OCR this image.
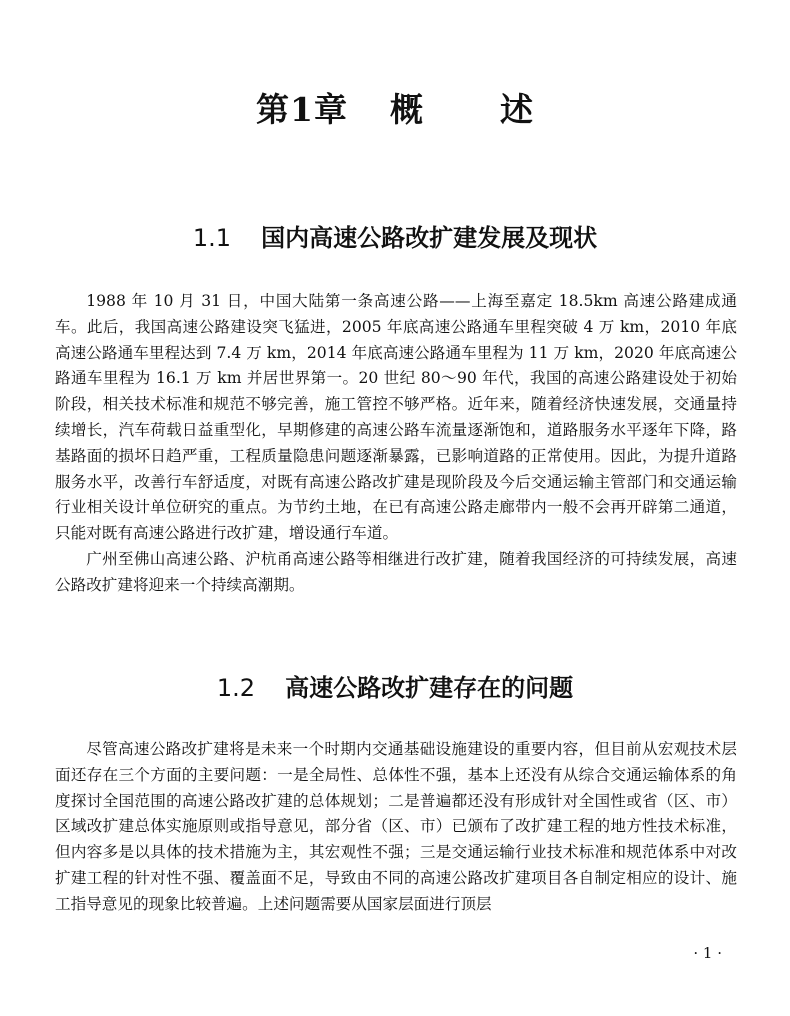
第1章 概 述
1.1 国内高速公路改扩建发展及现状

1988 年 10 月 31 日，中国大陆第一条高速公路——上海至嘉定 18.5km 高速公路建成通车。此后，我国高速公路建设突飞猛进，2005 年底高速公路通车里程突破 4 万 km，2010 年底高速公路通车里程达到 7.4 万 km，2014 年底高速公路通车里程为 11 万 km，2020 年底高速公路通车里程为 16.1 万 km 并居世界第一。20 世纪 80～90 年代，我国的高速公路建设处于初始阶段，相关技术标准和规范不够完善，施工管控不够严格。近年来，随着经济快速发展，交通量持续增长，汽车荷载日益重型化，早期修建的高速公路车流量逐渐饱和，道路服务水平逐年下降，路基路面的损坏日趋严重，工程质量隐患问题逐渐暴露，已影响道路的正常使用。因此，为提升道路服务水平，改善行车舒适度，对既有高速公路改扩建是现阶段及今后交通运输主管部门和交通运输行业相关设计单位研究的重点。为节约土地，在已有高速公路走廊带内一般不会再开辟第二通道，只能对既有高速公路进行改扩建，增设通行车道。

广州至佛山高速公路、沪杭甬高速公路等相继进行改扩建，随着我国经济的可持续发展，高速公路改扩建将迎来一个持续高潮期。

1.2 高速公路改扩建存在的问题

尽管高速公路改扩建将是未来一个时期内交通基础设施建设的重要内容，但目前从宏观技术层面还存在三个方面的主要问题：一是全局性、总体性不强，基本上还没有从综合交通运输体系的角度探讨全国范围的高速公路改扩建的总体规划；二是普遍都还没有形成针对全国性或省（区、市）区域改扩建总体实施原则或指导意见，部分省（区、市）已颁布了改扩建工程的地方性技术标准，但内容多是以具体的技术措施为主，其宏观性不强；三是交通运输行业技术标准和规范体系中对改扩建工程的针对性不强、覆盖面不足，导致由不同的高速公路改扩建项目各自制定相应的设计、施工指导意见的现象比较普遍。上述问题需要从国家层面进行顶层

· 1 ·
